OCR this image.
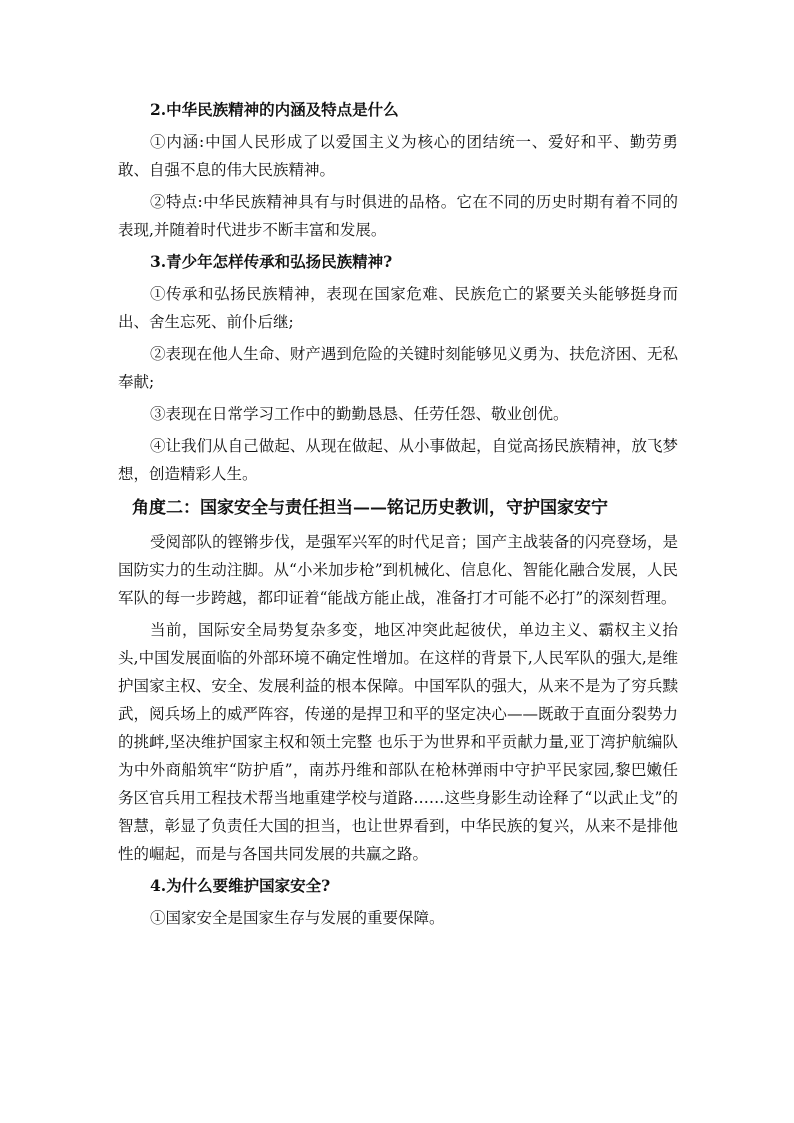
2.中华民族精神的内涵及特点是什么

①内涵:中国人民形成了以爱国主义为核心的团结统一、爱好和平、勤劳勇敢、自强不息的伟大民族精神。

②特点:中华民族精神具有与时俱进的品格。它在不同的历史时期有着不同的表现,并随着时代进步不断丰富和发展。

3.青少年怎样传承和弘扬民族精神?

①传承和弘扬民族精神，表现在国家危难、民族危亡的紧要关头能够挺身而出、舍生忘死、前仆后继;

②表现在他人生命、财产遇到危险的关键时刻能够见义勇为、扶危济困、无私奉献;

③表现在日常学习工作中的勤勤恳恳、任劳任怨、敬业创优。

④让我们从自己做起、从现在做起、从小事做起，自觉高扬民族精神，放飞梦想，创造精彩人生。

角度二：国家安全与责任担当——铭记历史教训，守护国家安宁

受阅部队的铿锵步伐，是强军兴军的时代足音；国产主战装备的闪亮登场，是国防实力的生动注脚。从“小米加步枪”到机械化、信息化、智能化融合发展，人民军队的每一步跨越，都印证着“能战方能止战，准备打才可能不必打”的深刻哲理。

当前，国际安全局势复杂多变，地区冲突此起彼伏，单边主义、霸权主义抬头,中国发展面临的外部环境不确定性增加。在这样的背景下,人民军队的强大,是维护国家主权、安全、发展利益的根本保障。中国军队的强大，从来不是为了穷兵黩武，阅兵场上的威严阵容，传递的是捍卫和平的坚定决心——既敢于直面分裂势力的挑衅,坚决维护国家主权和领土完整 也乐于为世界和平贡献力量,亚丁湾护航编队为中外商船筑牢“防护盾”，南苏丹维和部队在枪林弹雨中守护平民家园,黎巴嫩任务区官兵用工程技术帮当地重建学校与道路……这些身影生动诠释了“以武止戈”的智慧，彰显了负责任大国的担当，也让世界看到，中华民族的复兴，从来不是排他性的崛起，而是与各国共同发展的共赢之路。

4.为什么要维护国家安全?

①国家安全是国家生存与发展的重要保障。
